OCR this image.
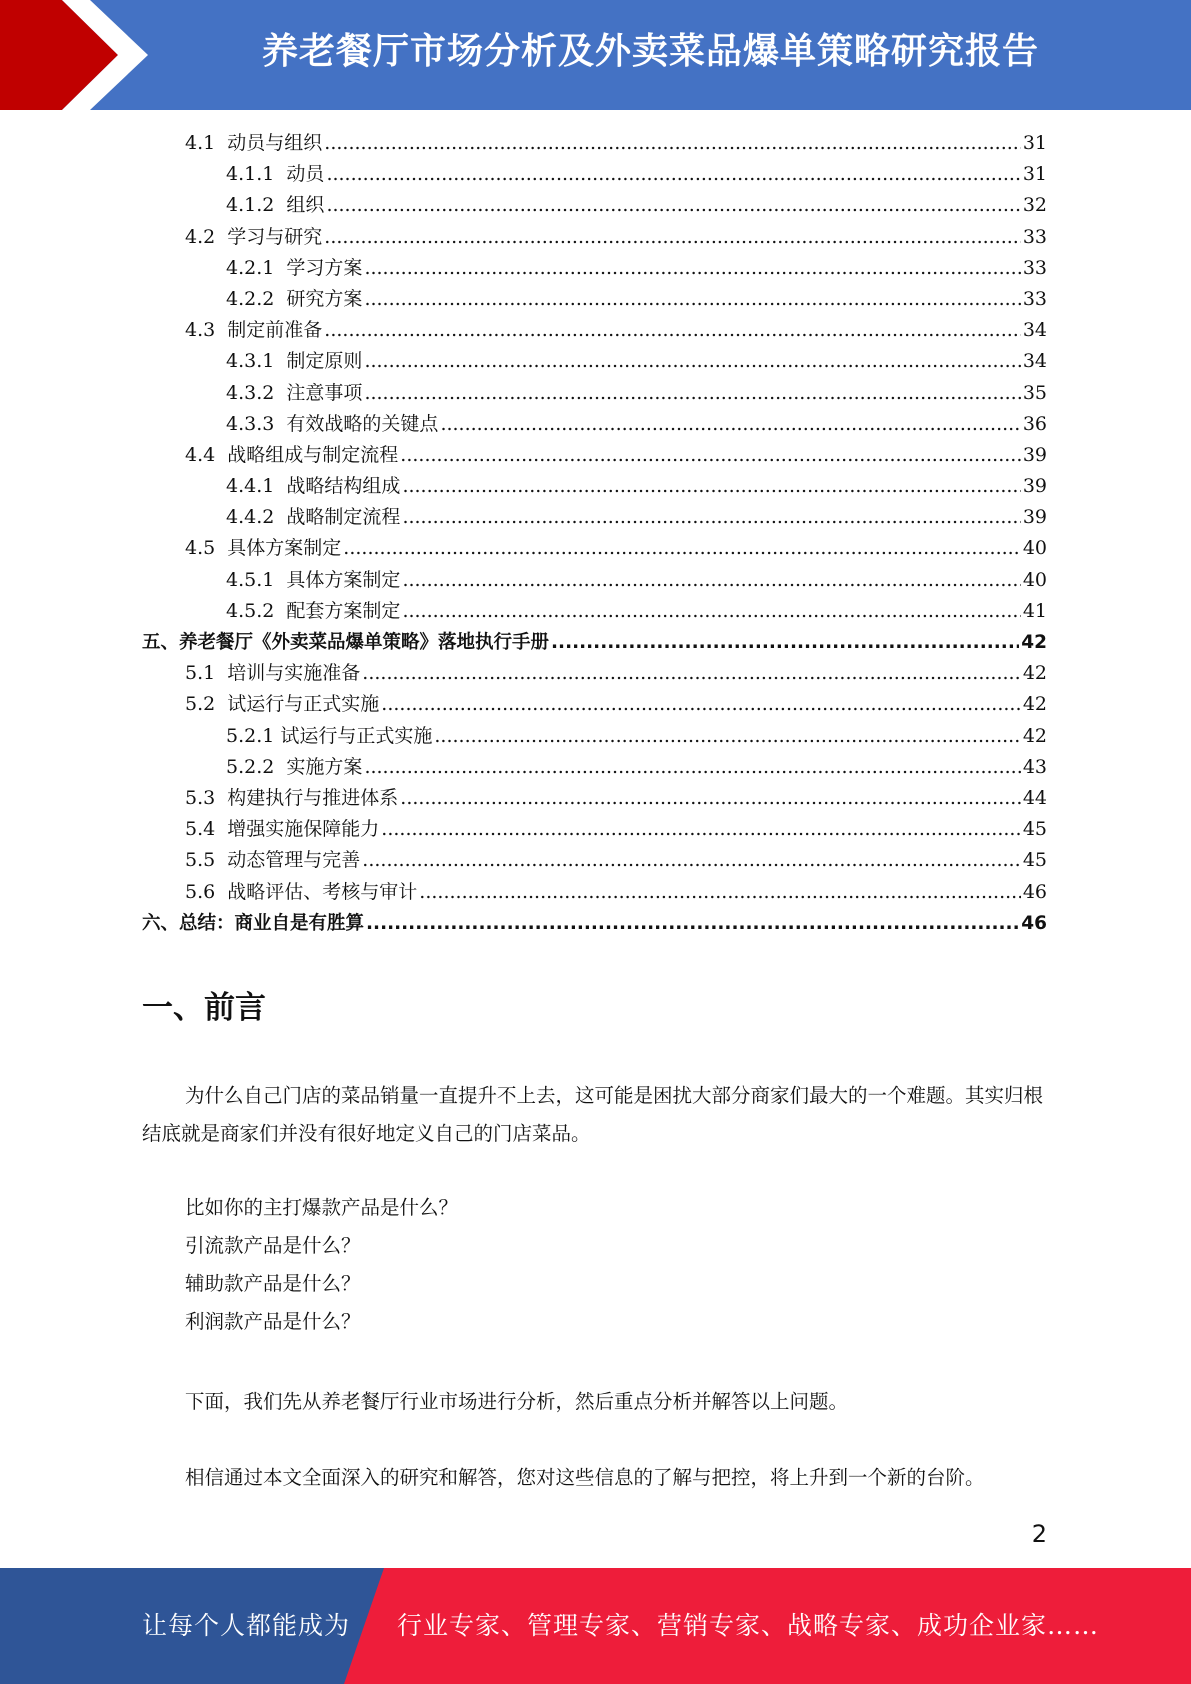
养老餐厅市场分析及外卖菜品爆单策略研究报告
4.1  动员与组织 .....	31
4.1.1  动员 .....	31
4.1.2  组织 .....	32
4.2  学习与研究 .....	33
4.2.1  学习方案 .....	33
4.2.2  研究方案 .....	33
4.3  制定前准备 .....	34
4.3.1  制定原则 .....	34
4.3.2  注意事项 .....	35
4.3.3  有效战略的关键点 .....	36
4.4  战略组成与制定流程 .....	39
4.4.1  战略结构组成 .....	39
4.4.2  战略制定流程 .....	39
4.5  具体方案制定 .....	40
4.5.1  具体方案制定 .....	40
4.5.2  配套方案制定 .....	41
五、养老餐厅《外卖菜品爆单策略》落地执行手册 .....	42
5.1  培训与实施准备 .....	42
5.2  试运行与正式实施 .....	42
5.2.1 试运行与正式实施 .....	42
5.2.2  实施方案 .....	43
5.3  构建执行与推进体系 .....	44
5.4  增强实施保障能力 .....	45
5.5  动态管理与完善 .....	45
5.6  战略评估、考核与审计 .....	46
六、总结：商业自是有胜算 .....	46
一、前言
为什么自己门店的菜品销量一直提升不上去，这可能是困扰大部分商家们最大的一个难题。其实归根结底就是商家们并没有很好地定义自己的门店菜品。
比如你的主打爆款产品是什么？
引流款产品是什么？
辅助款产品是什么？
利润款产品是什么？
下面，我们先从养老餐厅行业市场进行分析，然后重点分析并解答以上问题。
相信通过本文全面深入的研究和解答，您对这些信息的了解与把控，将上升到一个新的台阶。
2
让每个人都能成为 行业专家、管理专家、营销专家、战略专家、成功企业家……
